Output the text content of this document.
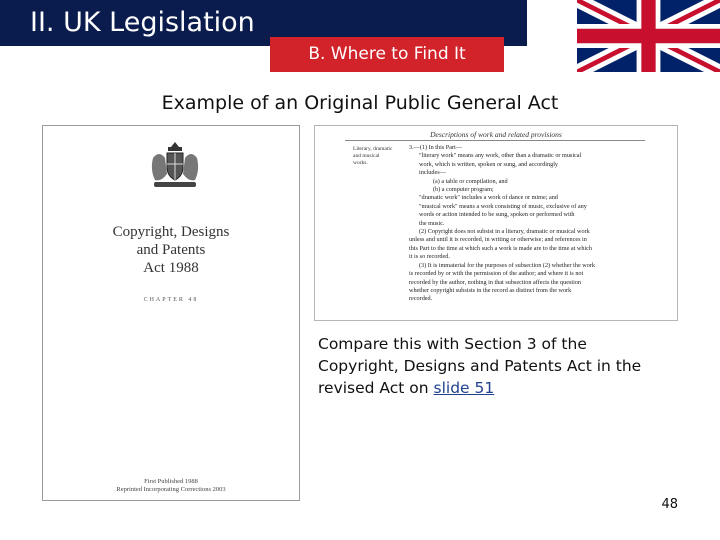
II. UK Legislation
B. Where to Find It
Example of an Original Public General Act
Copyright, Designs
and Patents
Act 1988
CHAPTER 48
First Published 1988
Reprinted Incorporating Corrections 2003
Descriptions of work and related provisions
Literary, dramatic
and musical
works.

3.—(1) In this Part—

"literary work" means any work, other than a dramatic or musical

work, which is written, spoken or sung, and accordingly

includes—

(a) a table or compilation, and

(b) a computer program;

"dramatic work" includes a work of dance or mime; and

"musical work" means a work consisting of music, exclusive of any

words or action intended to be sung, spoken or performed with

the music.

(2) Copyright does not subsist in a literary, dramatic or musical work

unless and until it is recorded, in writing or otherwise; and references in

this Part to the time at which such a work is made are to the time at which

it is so recorded.

(3) It is immaterial for the purposes of subsection (2) whether the work

is recorded by or with the permission of the author; and where it is not

recorded by the author, nothing in that subsection affects the question

whether copyright subsists in the record as distinct from the work

recorded.

Compare this with Section 3 of the Copyright, Designs and Patents Act in the revised Act on slide 51
48
